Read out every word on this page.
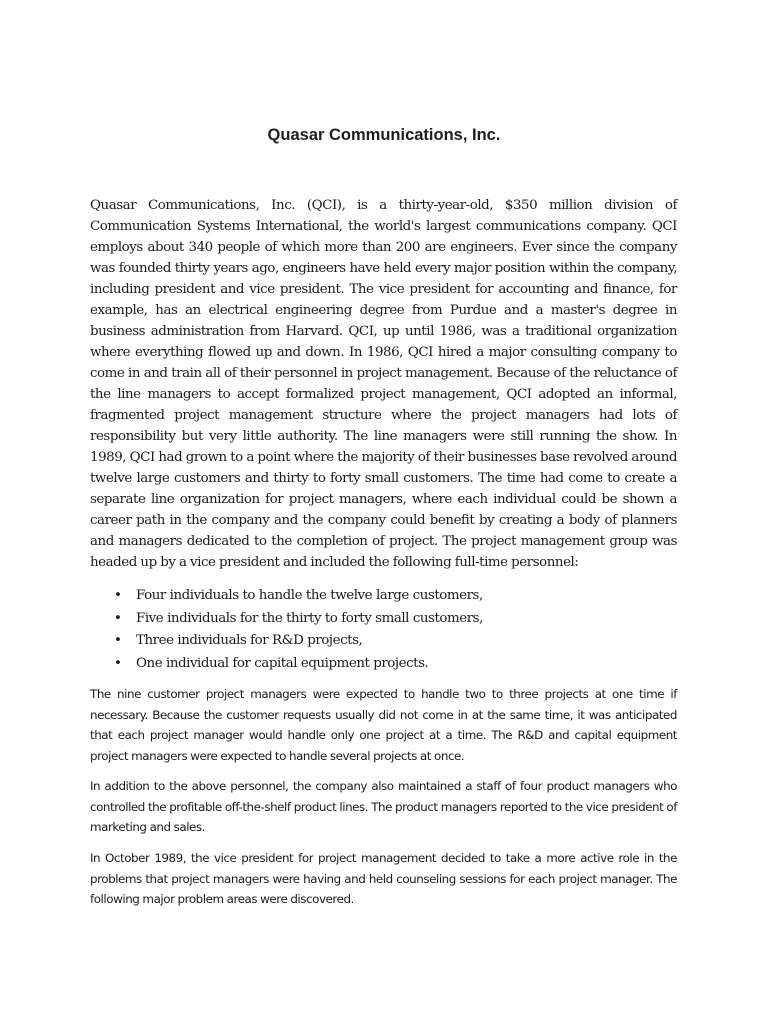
Quasar Communications, Inc.

Quasar Communications, Inc. (QCI), is a thirty-year-old, $350 million division of Communication Systems International, the world's largest communications company. QCI employs about 340 people of which more than 200 are engineers. Ever since the company was founded thirty years ago, engineers have held every major position within the company, including president and vice president. The vice president for accounting and finance, for example, has an electrical engineering degree from Purdue and a master's degree in business administration from Harvard. QCI, up until 1986, was a traditional organization where everything flowed up and down. In 1986, QCI hired a major consulting company to come in and train all of their personnel in project management. Because of the reluctance of the line managers to accept formalized project management, QCI adopted an informal, fragmented project management structure where the project managers had lots of responsibility but very little authority. The line managers were still running the show. In 1989, QCI had grown to a point where the majority of their businesses base revolved around twelve large customers and thirty to forty small customers. The time had come to create a separate line organization for project managers, where each individual could be shown a career path in the company and the company could benefit by creating a body of planners and managers dedicated to the completion of project. The project management group was headed up by a vice president and included the following full-time personnel:

• Four individuals to handle the twelve large customers,
• Five individuals for the thirty to forty small customers,
• Three individuals for R&D projects,
• One individual for capital equipment projects.

The nine customer project managers were expected to handle two to three projects at one time if necessary. Because the customer requests usually did not come in at the same time, it was anticipated that each project manager would handle only one project at a time. The R&D and capital equipment project managers were expected to handle several projects at once.

In addition to the above personnel, the company also maintained a staff of four product managers who controlled the profitable off-the-shelf product lines. The product managers reported to the vice president of marketing and sales.

In October 1989, the vice president for project management decided to take a more active role in the problems that project managers were having and held counseling sessions for each project manager. The following major problem areas were discovered.
